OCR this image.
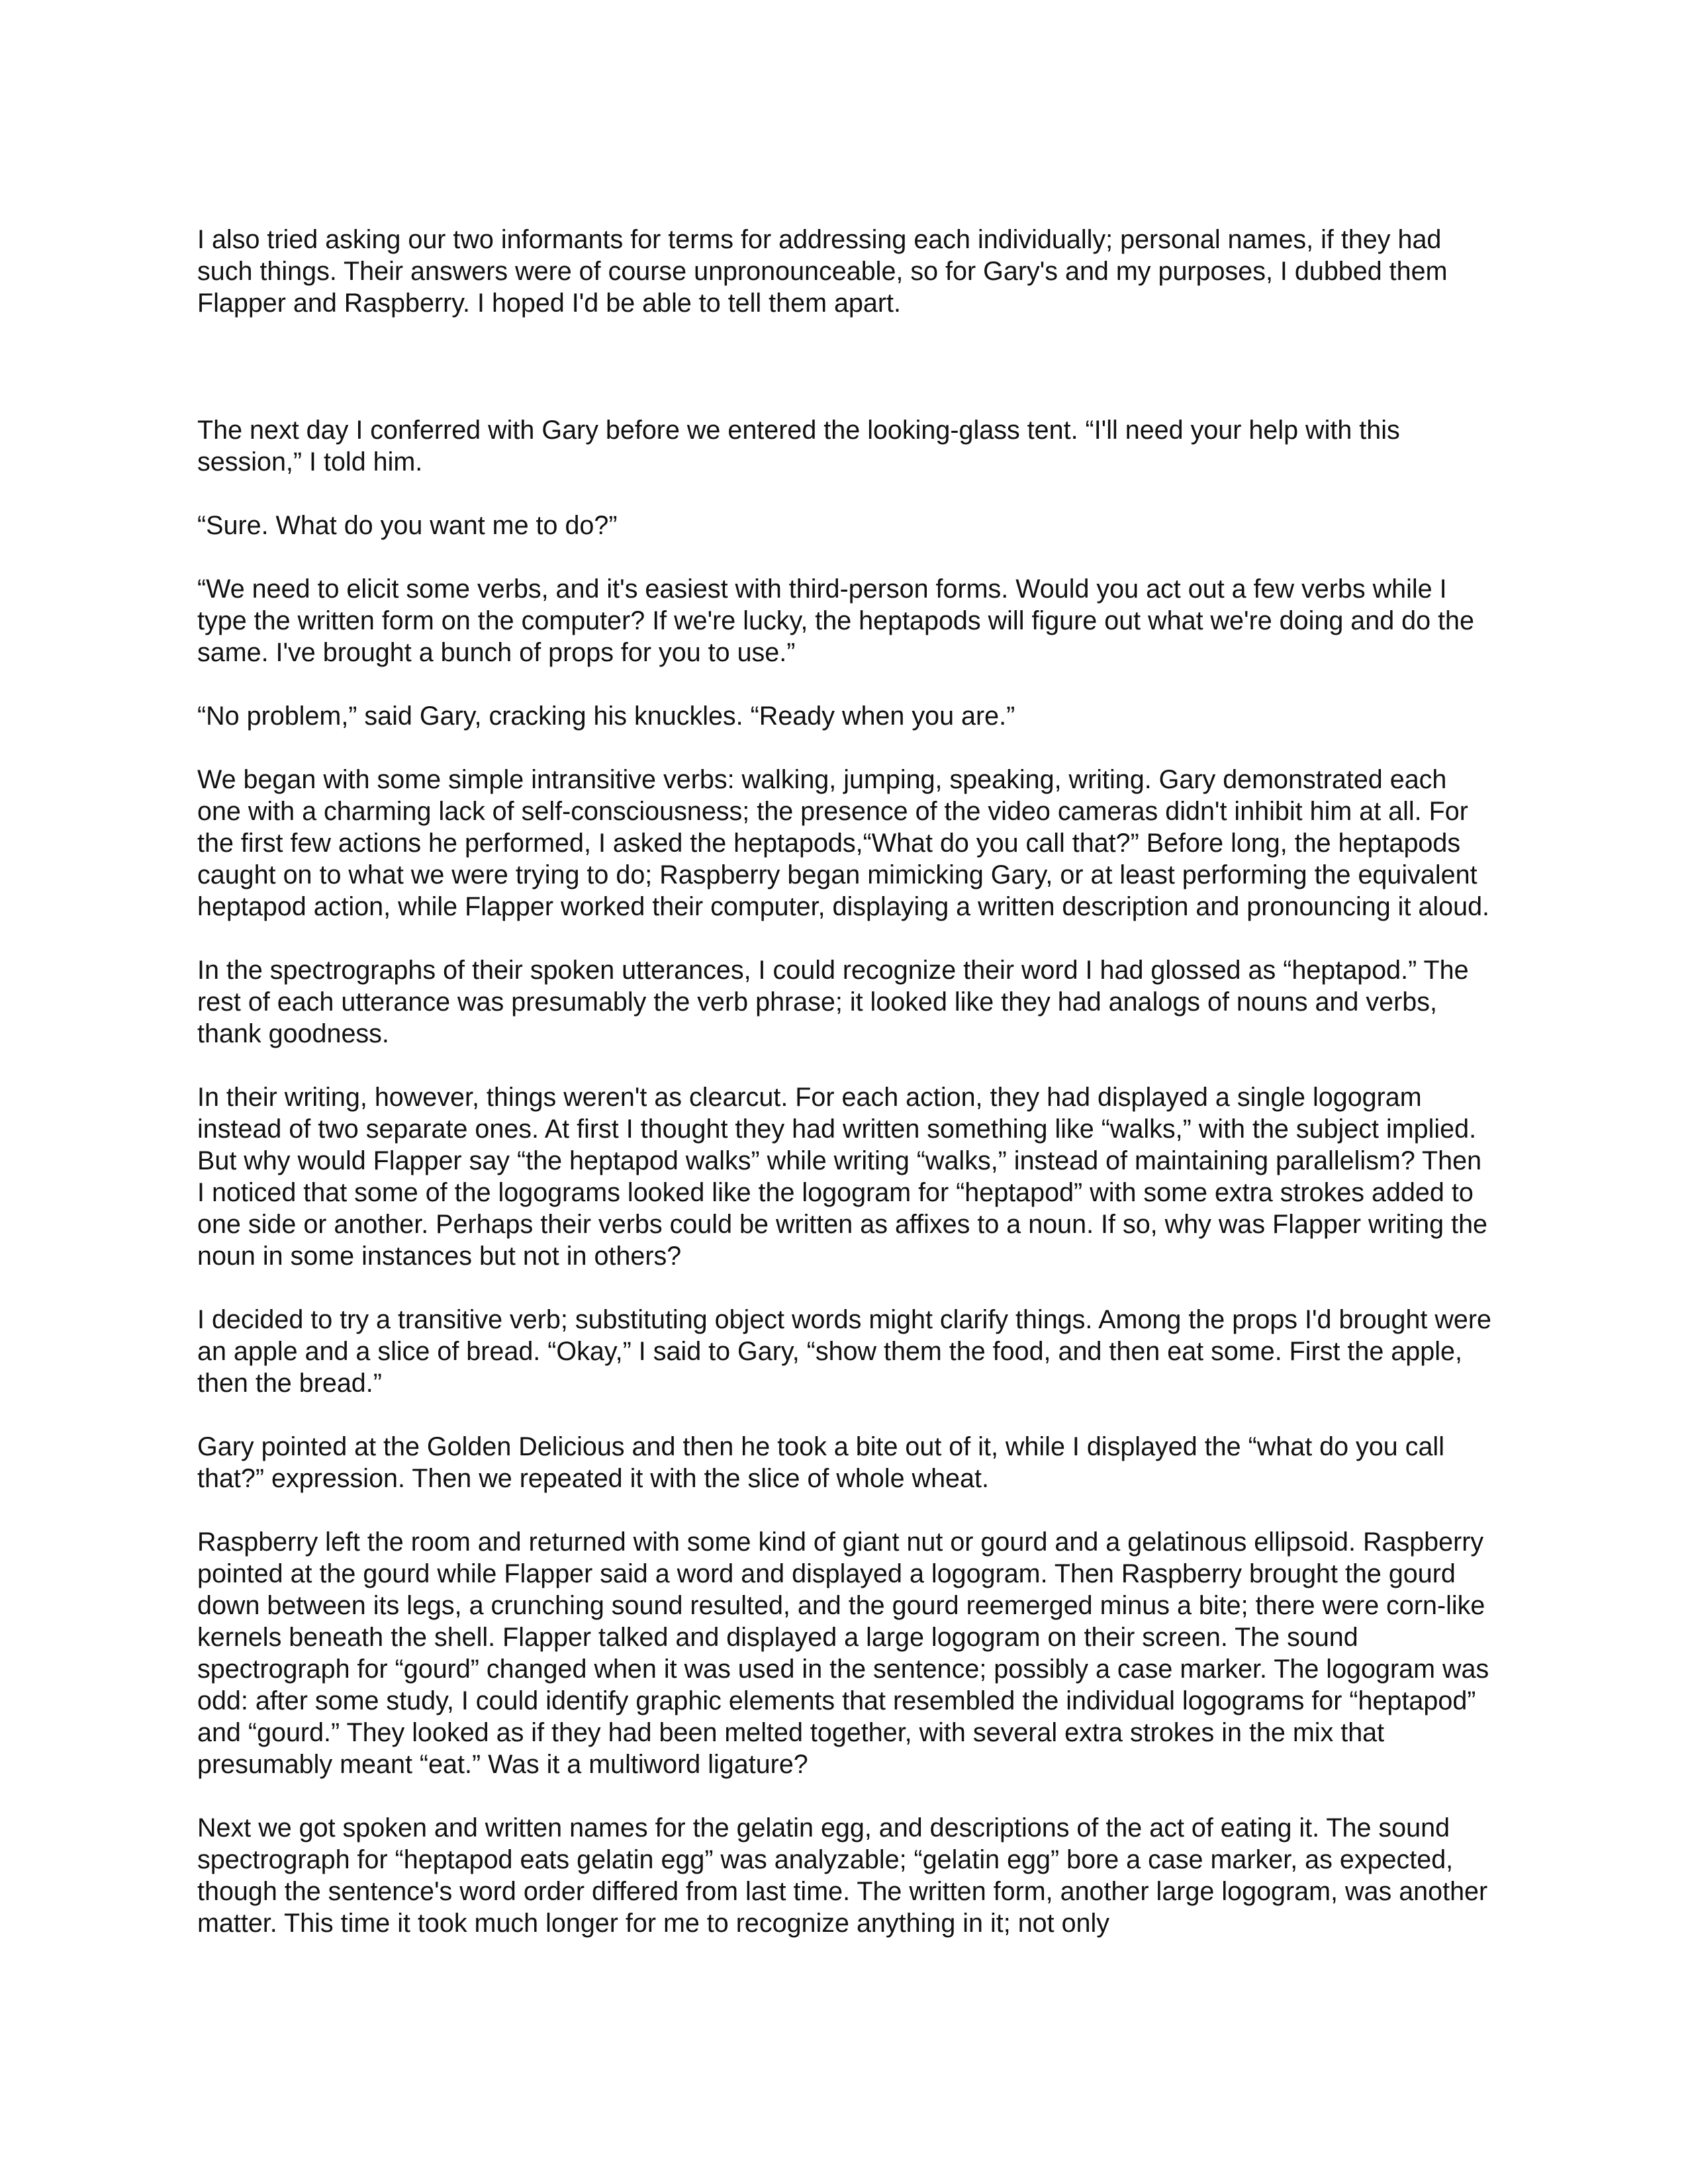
I also tried asking our two informants for terms for addressing each individually; personal names, if they had such things. Their answers were of course unpronounceable, so for Gary's and my purposes, I dubbed them Flapper and Raspberry. I hoped I'd be able to tell them apart.

The next day I conferred with Gary before we entered the looking-glass tent. “I'll need your help with this session,” I told him.

“Sure. What do you want me to do?”

“We need to elicit some verbs, and it's easiest with third-person forms. Would you act out a few verbs while I type the written form on the computer? If we're lucky, the heptapods will figure out what we're doing and do the same. I've brought a bunch of props for you to use.”

“No problem,” said Gary, cracking his knuckles. “Ready when you are.”

We began with some simple intransitive verbs: walking, jumping, speaking, writing. Gary demonstrated each one with a charming lack of self-consciousness; the presence of the video cameras didn't inhibit him at all. For the first few actions he performed, I asked the heptapods,“What do you call that?” Before long, the heptapods caught on to what we were trying to do; Raspberry began mimicking Gary, or at least performing the equivalent heptapod action, while Flapper worked their computer, displaying a written description and pronouncing it aloud.

In the spectrographs of their spoken utterances, I could recognize their word I had glossed as “heptapod.” The rest of each utterance was presumably the verb phrase; it looked like they had analogs of nouns and verbs, thank goodness.

In their writing, however, things weren't as clearcut. For each action, they had displayed a single logogram instead of two separate ones. At first I thought they had written something like “walks,” with the subject implied. But why would Flapper say “the heptapod walks” while writing “walks,” instead of maintaining parallelism? Then I noticed that some of the logograms looked like the logogram for “heptapod” with some extra strokes added to one side or another. Perhaps their verbs could be written as affixes to a noun. If so, why was Flapper writing the noun in some instances but not in others?

I decided to try a transitive verb; substituting object words might clarify things. Among the props I'd brought were an apple and a slice of bread. “Okay,” I said to Gary, “show them the food, and then eat some. First the apple, then the bread.”

Gary pointed at the Golden Delicious and then he took a bite out of it, while I displayed the “what do you call that?” expression. Then we repeated it with the slice of whole wheat.

Raspberry left the room and returned with some kind of giant nut or gourd and a gelatinous ellipsoid. Raspberry pointed at the gourd while Flapper said a word and displayed a logogram. Then Raspberry brought the gourd down between its legs, a crunching sound resulted, and the gourd reemerged minus a bite; there were corn-like kernels beneath the shell. Flapper talked and displayed a large logogram on their screen. The sound spectrograph for “gourd” changed when it was used in the sentence; possibly a case marker. The logogram was odd: after some study, I could identify graphic elements that resembled the individual logograms for “heptapod” and “gourd.” They looked as if they had been melted together, with several extra strokes in the mix that presumably meant “eat.” Was it a multiword ligature?

Next we got spoken and written names for the gelatin egg, and descriptions of the act of eating it. The sound spectrograph for “heptapod eats gelatin egg” was analyzable; “gelatin egg” bore a case marker, as expected, though the sentence's word order differed from last time. The written form, another large logogram, was another matter. This time it took much longer for me to recognize anything in it; not only
